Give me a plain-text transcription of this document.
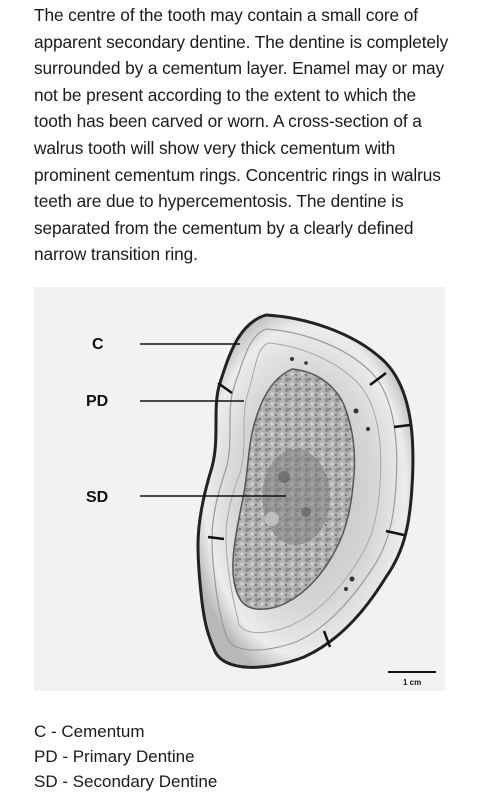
The centre of the tooth may contain a small core of apparent secondary dentine. The dentine is completely surrounded by a cementum layer. Enamel may or may not be present according to the extent to which the tooth has been carved or worn. A cross-section of a walrus tooth will show very thick cementum with prominent cementum rings. Concentric rings in walrus teeth are due to hypercementosis. The dentine is separated from the cementum by a clearly defined narrow transition ring.

C
PD
SD
1 cm
C - Cementum
PD - Primary Dentine
SD - Secondary Dentine
